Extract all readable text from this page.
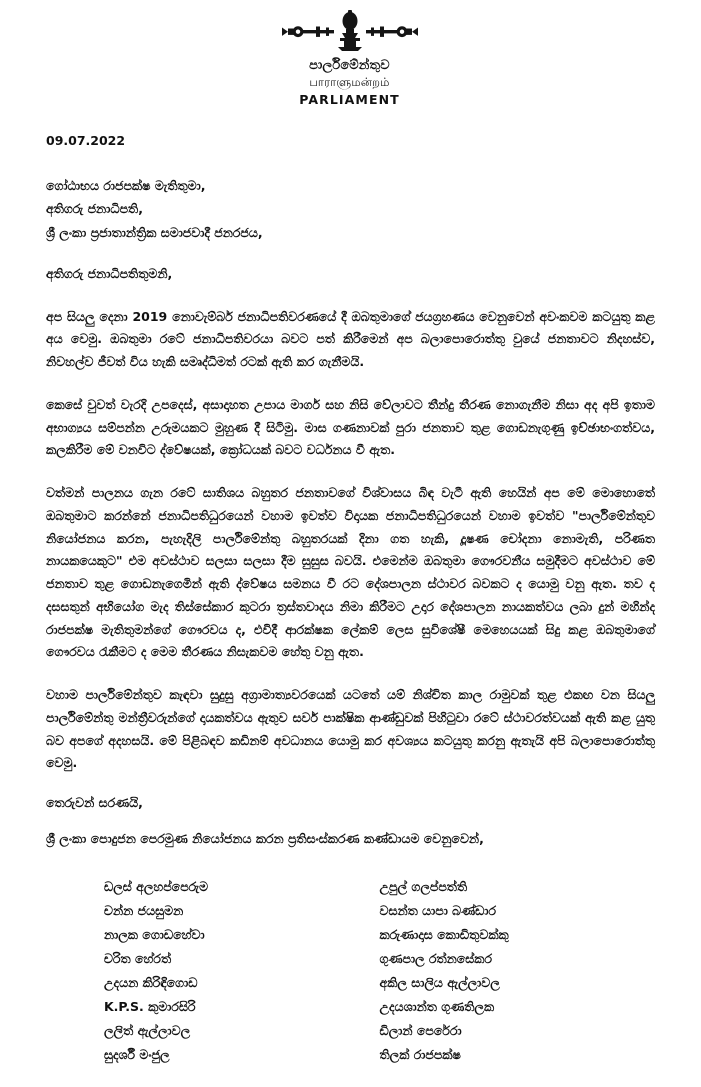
පාර්ලිමේන්තුව
பாராளுமன்றம்
PARLIAMENT
09.07.2022
ගෝඨාභය රාජපක්ෂ මැතිතුමා,
අතිගරු ජනාධිපති,
ශ්‍රී ලංකා ප්‍රජාතාන්ත්‍රික සමාජවාදී ජනරජය,
අතිගරු ජනාධිපතිතුමනි,

අප සියලු දෙනා 2019 නොවැම්බර් ජනාධිපතිවරණයේ දී ඔබතුමාගේ ජයග්‍රහණය වෙනුවෙන් අවංකවම කටයුතු කළ අය වෙමු. ඔබතුමා රටේ ජනාධිපතිවරයා බවට පත් කිරීමෙන් අප බලාපොරොත්තු වුයේ ජනතාවට නිදහස්ව, නිවහල්ව ජීවත් විය හැකි සමෘද්ධිමත් රටක් ඇති කර ගැනීමයි.

කෙසේ වුවත් වැරදි උපදෙස්, අසාදාහත උපාය මාර්ග සහ නිසි වේලාවට තීන්දු තීරණ නොගැනීම නිසා අද අපි ඉතාම අභාග්‍යය සම්පන්න උරුමයකට මුහුණ දී සිටිමු. මාස ගණනාවක් පුරා ජනතාව තුළ ගොඩනැගුණු ඉච්ඡාභංගත්වය, කලකිරීම මේ වනවිට ද්වේෂයක්, ක්‍රෝධයක් බවට වර්ධනය වී ඇත.

වත්මන් පාලනය ගැන රටේ සාතිශය බහුතර ජනතාවගේ විශ්වාසය බිඳ වැටී ඇති හෙයින් අප මේ මොහොතේ ඔබතුමාට කරන්නේ ජනාධිපතිධුරයෙන් වහාම ඉවත්ව විදායක ජනාධිපතිධුරයෙන් වහාම ඉවත්ව "පාර්ලිමේන්තුව නියෝජනය කරන, පැහැදිලි පාර්ලිමේන්තු බහුතරයක් දිනා ගත හැකි, දූෂණ චෝදනා නොමැති, පරිණත නායකයෙකුට" එම අවස්ථාව සලසා සලසා දීම සුසුස බවයි. එමෙන්ම ඔබතුමා ගෞරවනීය සමුදීමට අවස්ථාව මේ ජනතාව තුළ ගොඩනැගෙමින් ඇති ද්වේෂය සමනය වී රට දේශපාලන ස්ථාවර බවකට ද යොමු වනු ඇත. තව ද දසසතුන් අභියෝග මැද තිස්සේකාර කුටරා ත්‍රස්තවාදය නිමා කිරීමට උදාර දේශපාලන නායකත්වය ලබා දුන් මහින්ද රාජපක්ෂ මැතිතුමන්ගේ ගෞරවය ද, එවිදී ආරක්ෂක ලේකම් ලෙස සුවිශේෂී මෙහෙයයක් සිදු කළ ඔබතුමාගේ ගෞරවය රැකීමට ද මෙම තීරණය නිසැකවම හේතු වනු ඇත.

වහාම පාර්ලිමේන්තුව කැඳවා සුදුසු අග්‍රාමාත්‍යවරයෙක් යටතේ යම් නිශ්චිත කාල රාමුවක් තුළ එකඟ වන සියලු පාර්ලිමේන්තු මන්ත්‍රීවරුන්ගේ දායකත්වය ඇතුව සර්ව පාක්ෂික ආණ්ඩුවක් පිහිටුවා රටේ ස්ථාවරත්වයක් ඇති කළ යුතු බව අපගේ අදහසයි. මේ පිළිබඳව කඩිනම් අවධානය යොමු කර අවශ්‍යය කටයුතු කරනු ඇතැයි අපි බලාපොරොත්තු වෙමු.

තෙරුවන් සරණයි,
ශ්‍රී ලංකා පොදුජන පෙරමුණ නියෝජනය කරන ප්‍රතිසංස්කරණ කණ්ඩායම වෙනුවෙන්,
ඩලස් අලහප්පෙරුම
චන්න ජයසුමන
නාලක ගොඩහේවා
චරිත හේරත්
උදයන කිරිඳිගොඩ
K.P.S. කුමාරසිරි
ලලිත් ඇල්ලාවල
සුදර්ශී මංජුල
උපුල් ගලප්පත්ති
වසන්ත යාපා බණ්ඩාර
කරුණාදාස කොඩිතුවක්කු
ගුණපාල රත්නසේකර
අකිල සාලිය ඇල්ලාවල
උදයශාන්ත ගුණතිලක
ඩිලාන් පෙරේරා
තිලක් රාජපක්ෂ
